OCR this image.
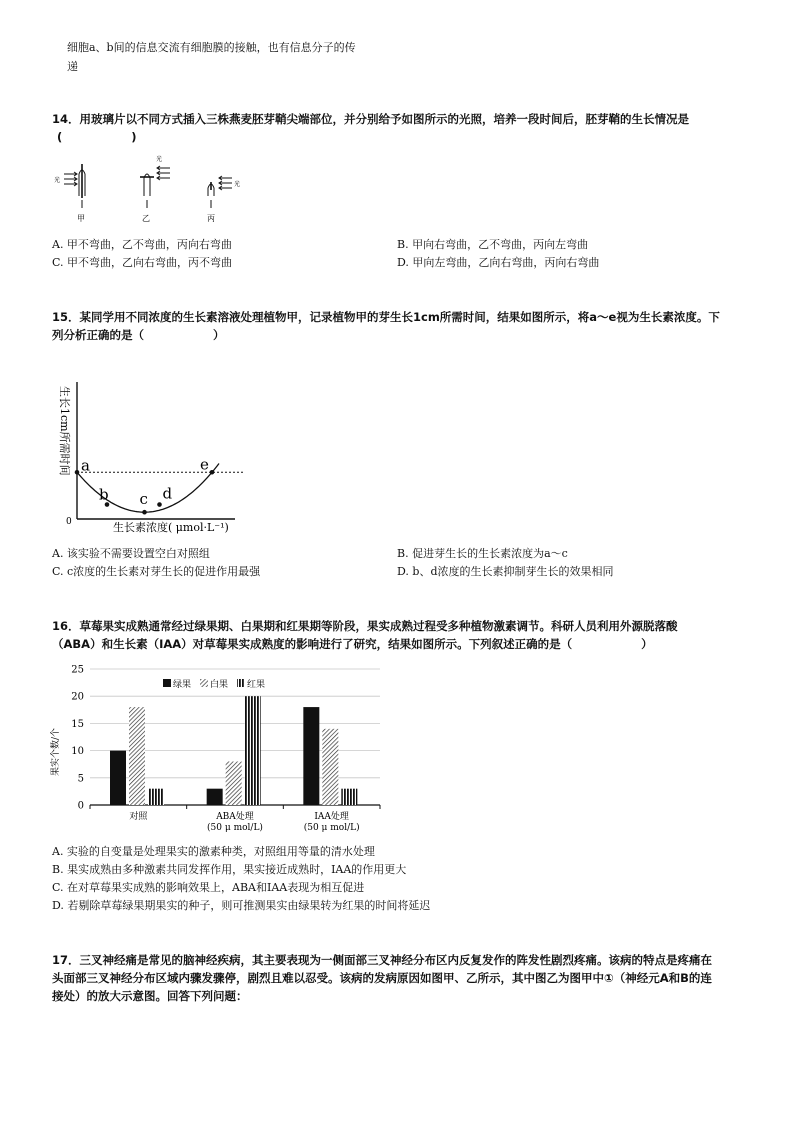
细胞a、b间的信息交流有细胞膜的接触，也有信息分子的传
递
14．用玻璃片以不同方式插入三株燕麦胚芽鞘尖端部位，并分别给予如图所示的光照，培养一段时间后，胚芽鞘的生长情况是
(　　　　　　)
光
甲
光
乙
光
丙
A. 甲不弯曲，乙不弯曲，丙向右弯曲	B. 甲向右弯曲，乙不弯曲，丙向左弯曲
C. 甲不弯曲，乙向右弯曲，丙不弯曲	D. 甲向左弯曲，乙向右弯曲，丙向右弯曲
15．某同学用不同浓度的生长素溶液处理植物甲，记录植物甲的芽生长1cm所需时间，结果如图所示，将a～e视为生长素浓度。下
列分析正确的是（　　　　　　）
0	生长素浓度( μmol·L⁻¹)
生长1cm所需时间 a
b c d
e
A. 该实验不需要设置空白对照组	B. 促进芽生长的生长素浓度为a～c
C. c浓度的生长素对芽生长的促进作用最强	D. b、d浓度的生长素抑制芽生长的效果相同
16．草莓果实成熟通常经过绿果期、白果期和红果期等阶段，果实成熟过程受多种植物激素调节。科研人员利用外源脱落酸
（ABA）和生长素（IAA）对草莓果实成熟度的影响进行了研究，结果如图所示。下列叙述正确的是（　　　　　　）
果实个数/个
0
5
10
15
20
25
绿果 白果 红果
对照	ABA处理
(50 μ mol/L)
IAA处理
(50 μ mol/L)
A. 实验的自变量是处理果实的激素种类，对照组用等量的清水处理
B. 果实成熟由多种激素共同发挥作用，果实接近成熟时，IAA的作用更大
C. 在对草莓果实成熟的影响效果上，ABA和IAA表现为相互促进
D. 若剔除草莓绿果期果实的种子，则可推测果实由绿果转为红果的时间将延迟
17．三叉神经痛是常见的脑神经疾病，其主要表现为一侧面部三叉神经分布区内反复发作的阵发性剧烈疼痛。该病的特点是疼痛在
头面部三叉神经分布区域内骤发骤停，剧烈且难以忍受。该病的发病原因如图甲、乙所示，其中图乙为图甲中①（神经元A和B的连
接处）的放大示意图。回答下列问题：
